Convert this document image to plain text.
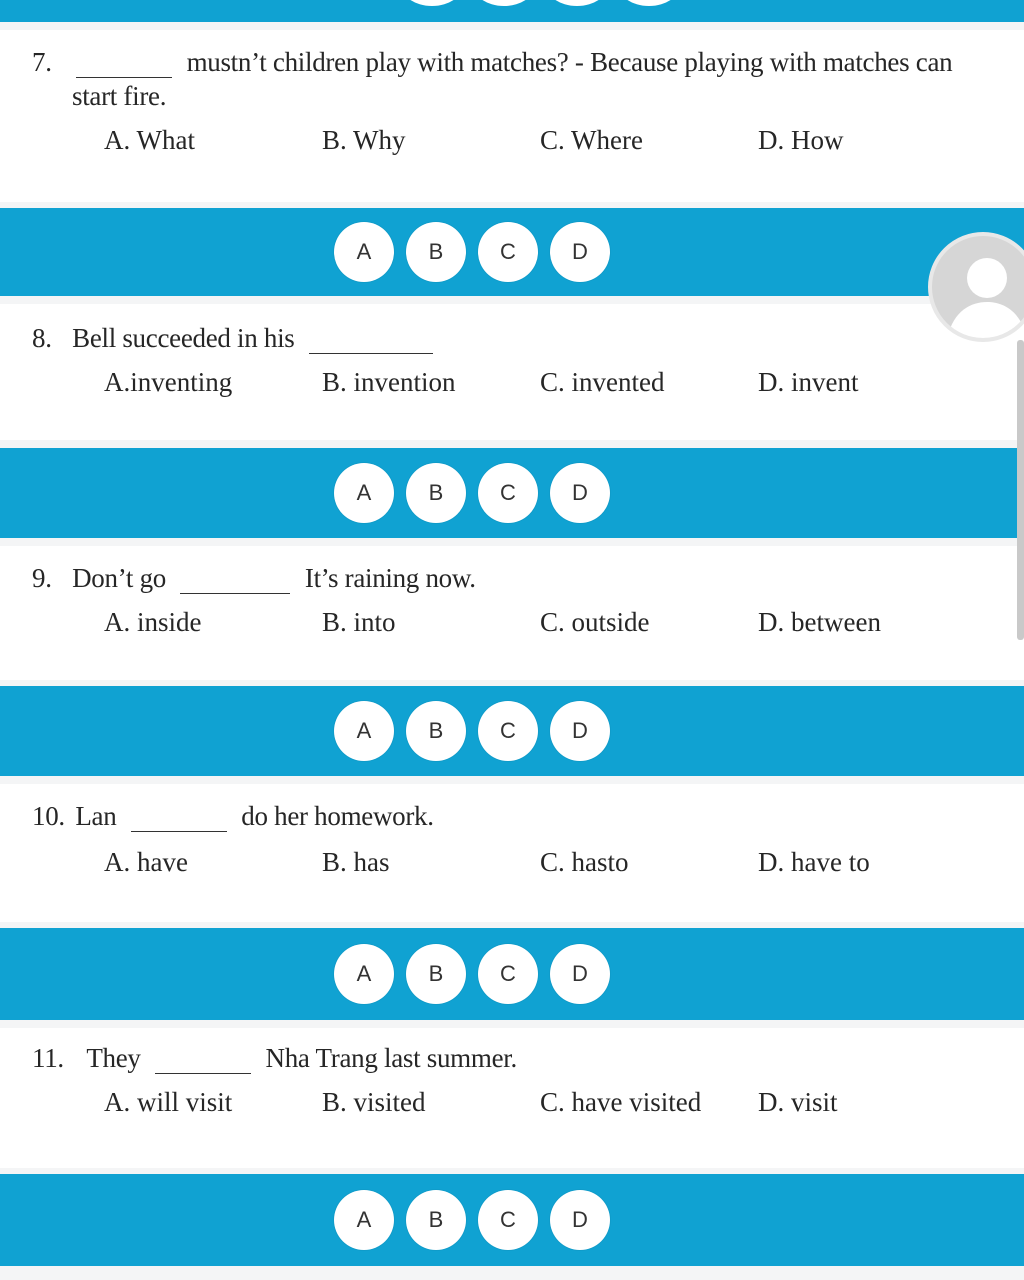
7.	mustn’t children play with matches? - Because playing with matches can
start fire.
A. What	B. Why	C. Where	D. How
A	B	C	D
8. Bell succeeded in his
A.inventing	B. invention	C. invented	D. invent
A	B	C	D
9. Don’t go	It’s raining now.
A. inside	B. into	C. outside	D. between
A	B	C	D
10. Lan	do her homework.
A. have	B. has	C. hasto	D. have to
A	B	C	D
11. They	Nha Trang last summer.
A. will visit	B. visited	C. have visited D. visit
A	B	C	D
